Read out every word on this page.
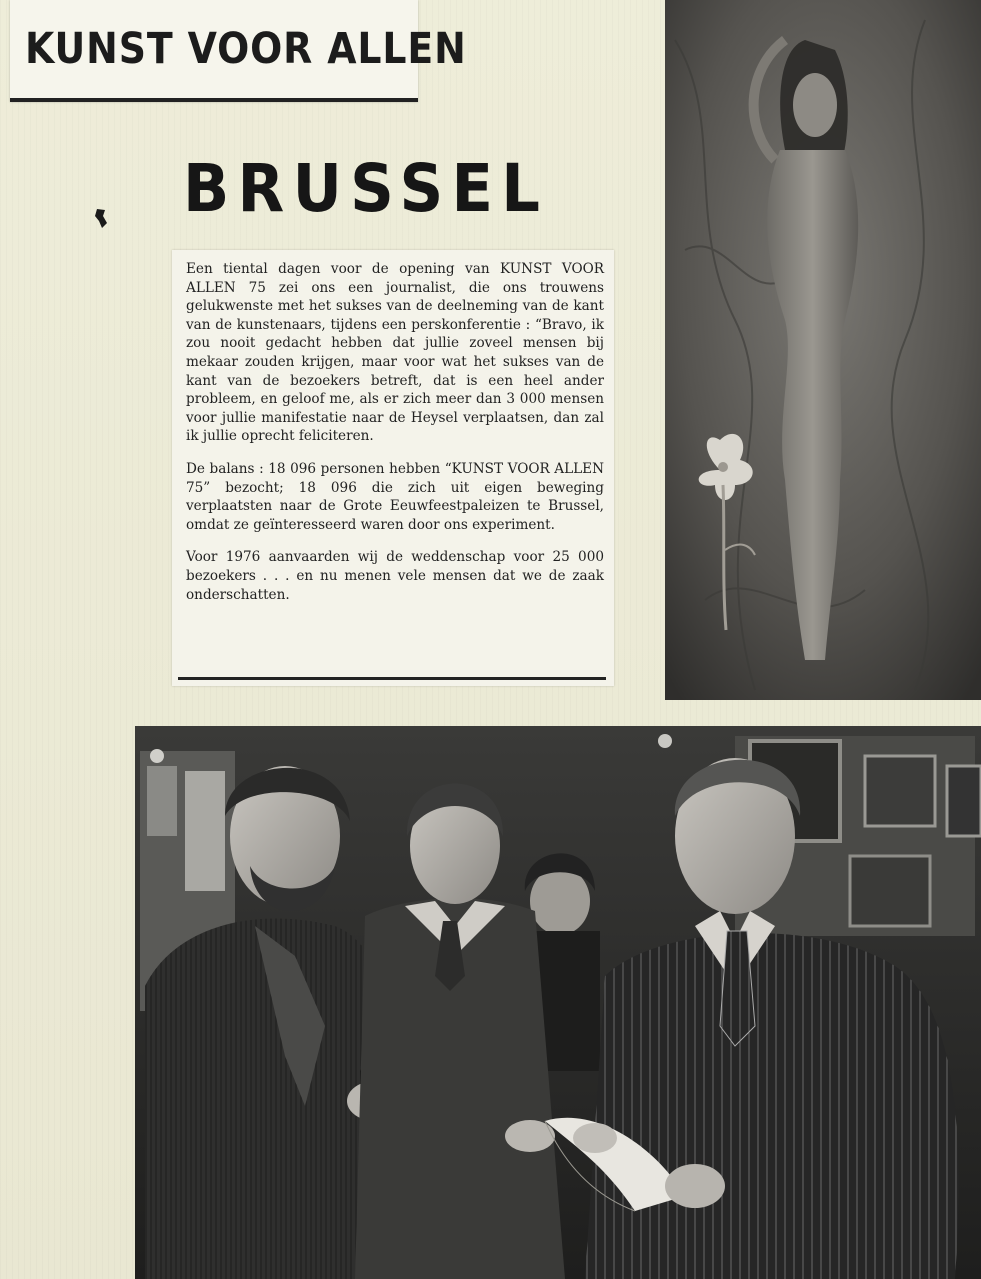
KUNST VOOR ALLEN
BRUSSEL

Een tiental dagen voor de opening van KUNST VOOR ALLEN 75 zei ons een journalist, die ons trouwens gelukwenste met het sukses van de deelneming van de kant van de kunstenaars, tijdens een perskonferentie : “Bravo, ik zou nooit gedacht hebben dat jullie zoveel mensen bij mekaar zouden krijgen, maar voor wat het sukses van de kant van de bezoekers betreft, dat is een heel ander probleem, en geloof me, als er zich meer dan 3 000 mensen voor jullie manifestatie naar de Heysel verplaatsen, dan zal ik jullie oprecht feliciteren.

De balans : 18 096 personen hebben “KUNST VOOR ALLEN 75” bezocht; 18 096 die zich uit eigen beweging verplaatsten naar de Grote Eeuwfeestpaleizen te Brussel, omdat ze geïnteresseerd waren door ons experiment.

Voor 1976 aanvaarden wij de weddenschap voor 25 000 bezoekers . . . en nu menen vele mensen dat we de zaak onderschatten.
